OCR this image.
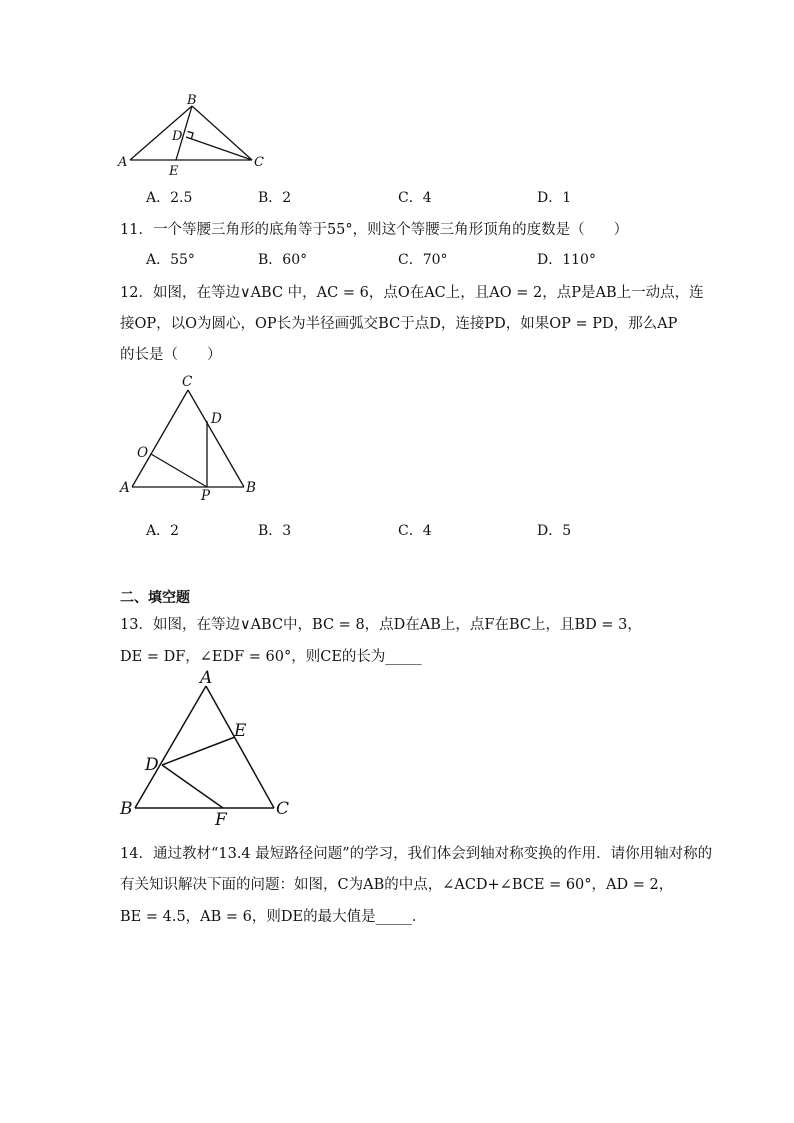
B
D
A	C
E
A．2.5	B．2	C．4	D．1
11．一个等腰三角形的底角等于55°，则这个等腰三角形顶角的度数是（　　）
A．55°	B．60°	C．70°	D．110°
12．如图，在等边∨ABC 中，AC = 6，点O在AC上，且AO = 2，点P是AB上一动点，连
接OP，以O为圆心，OP长为半径画弧交BC于点D，连接PD，如果OP = PD，那么AP
的长是（　　）
C
D
O
A	P	B
A．2	B．3	C．4	D．5
二、填空题
13．如图，在等边∨ABC中，BC = 8，点D在AB上，点F在BC上，且BD = 3，
DE = DF，∠EDF = 60°，则CE的长为_____
A
E
D
B	C
F
14．通过教材“13.4 最短路径问题”的学习，我们体会到轴对称变换的作用．请你用轴对称的
有关知识解决下面的问题：如图，C为AB的中点，∠ACD+∠BCE = 60°，AD = 2，
BE = 4.5，AB = 6，则DE的最大值是_____．
